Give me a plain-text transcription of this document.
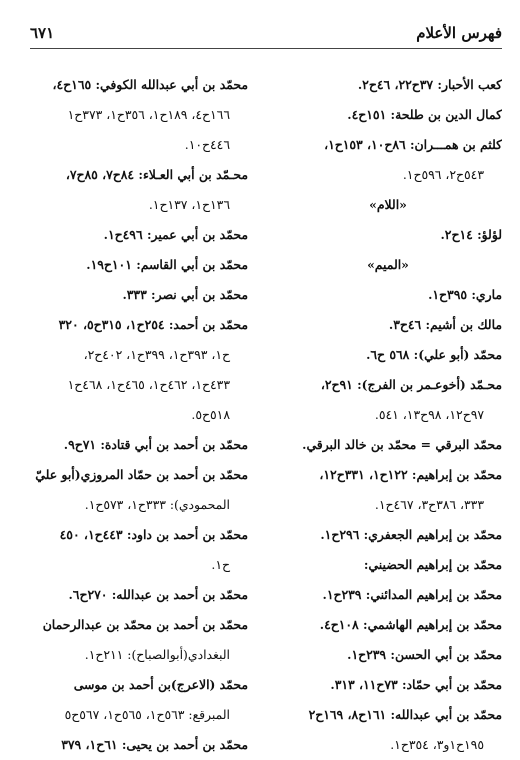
فهرس الأعلام
٦٧١
كعب الأحبار: ٣٧ح٢٢، ٤٦ح٢.
كمال الدين بن طلحة: ١٥١ح٤.
كلثم بن همـــران: ٨٦ح١٠، ١٥٣ح١،
٥٤٣ح٢، ٥٩٦ح١.
«اللام»
لؤلؤ: ١٤ح٢.
«الميم»
ماري: ٣٩٥ح١.
مالك بن أشيم: ٤٦ح٣.
محمّد (أبو علي): ٥٦٨ ح٦.
محـمّد (أخوعـمر بن الفرج): ٩١ح٢،
٩٧ح١٢، ٩٨ح١٣، ٥٤١.
محمّد البرقي = محمّد بن خالد البرقي.
محمّد بن إبراهيم: ١٢٢ح١، ٣٣١ح١٢،
٣٣٣، ٣٨٦ح٣، ٤٦٧ح١.
محمّد بن إبراهيم الجعفري: ٢٩٦ح١.
محمّد بن إبراهيم الحضيني:
محمّد بن إبراهيم المدائني: ٢٣٩ح١.
محمّد بن إبراهيم الهاشمي: ١٠٨ح٤.
محمّد بن أبي الحسن: ٢٣٩ح١.
محمّد بن أبي حمّاد: ٧٣ح١١، ٣١٣.
محمّد بن أبي عبدالله: ١٦١ح٨، ١٦٩ح٢
١٩٥ح١و٣، ٣٥٤ح١.
محمّد بن أبي عبدالله الكوفي: ١٦٥ح٤،
١٦٦ح٤، ١٨٩ح١، ٣٥٦ح١، ٣٧٣ح١
٤٤٦ح١٠.
محـمّد بن أبي العـلاء: ٨٤ح٧، ٨٥ح٧،
١٣٦ح١، ١٣٧ح١.
محمّد بن أبي عمير: ٤٩٦ح١.
محمّد بن أبي القاسم: ١٠١ح١٩.
محمّد بن أبي نصر: ٣٣٣.
محمّد بن أحمد: ٢٥٤ح١، ٣١٥ح٥، ٣٢٠
ح١، ٣٩٣ح١، ٣٩٩ح١، ٤٠٢ح٢،
٤٣٣ح١، ٤٦٢ح١، ٤٦٥ح١، ٤٦٨ح١
٥١٨ح٥.
محمّد بن أحمد بن أبي قتادة: ٧١ح٩.
محمّد بن أحمد بن حمّاد المروزي(أبو عليّ
المحمودي): ٣٣٣ح١، ٥٧٣ح١.
محمّد بن أحمد بن داود: ٤٤٣ح١، ٤٥٠
ح١.
محمّد بن أحمد بن عبدالله: ٢٧٠ح٦.
محمّد بن أحمد بن محمّد بن عبدالرحمان
البغدادي(أبوالصباح): ٢١١ح١.
محمّد (الاعرج)بن أحمد بن موسى
المبرقع: ٥٦٣ح١، ٥٦٥ح١، ٥٦٧ح٥
محمّد بن أحمد بن يحيى: ٦١ح١، ٣٧٩
